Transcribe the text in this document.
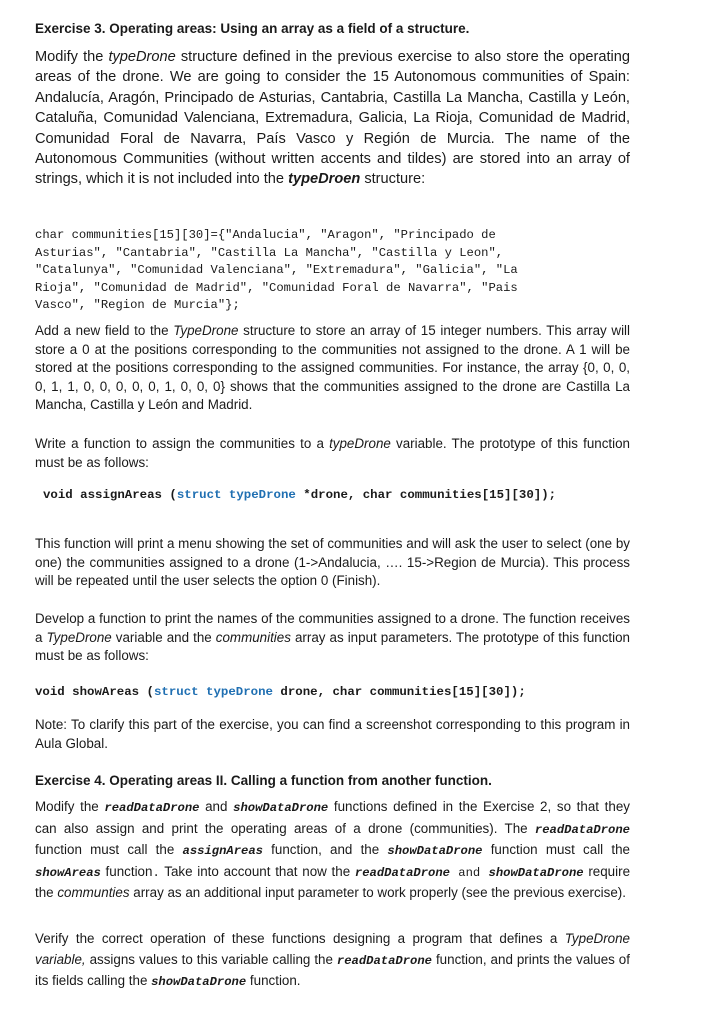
Exercise 3. Operating areas: Using an array as a field of a structure.

Modify the typeDrone structure defined in the previous exercise to also store the operating areas of the drone. We are going to consider the 15 Autonomous communities of Spain: Andalucía, Aragón, Principado de Asturias, Cantabria, Castilla La Mancha, Castilla y León, Cataluña, Comunidad Valenciana, Extremadura, Galicia, La Rioja, Comunidad de Madrid, Comunidad Foral de Navarra, País Vasco y Región de Murcia. The name of the Autonomous Communities (without written accents and tildes) are stored into an array of strings, which it is not included into the typeDroen structure:

char communities[15][30]={"Andalucia", "Aragon", "Principado de
Asturias", "Cantabria", "Castilla La Mancha", "Castilla y Leon",
"Catalunya", "Comunidad Valenciana", "Extremadura", "Galicia", "La
Rioja", "Comunidad de Madrid", "Comunidad Foral de Navarra", "Pais
Vasco", "Region de Murcia"};

Add a new field to the TypeDrone structure to store an array of 15 integer numbers. This array will store a 0 at the positions corresponding to the communities not assigned to the drone. A 1 will be stored at the positions corresponding to the assigned communities. For instance, the array {0, 0, 0, 0, 1, 1, 0, 0, 0, 0, 0, 1, 0, 0, 0} shows that the communities assigned to the drone are Castilla La Mancha, Castilla y León and Madrid.

Write a function to assign the communities to a typeDrone variable. The prototype of this function must be as follows:

void assignAreas (struct typeDrone *drone, char communities[15][30]);

This function will print a menu showing the set of communities and will ask the user to select (one by one) the communities assigned to a drone (1->Andalucia, …. 15->Region de Murcia). This process will be repeated until the user selects the option 0 (Finish).

Develop a function to print the names of the communities assigned to a drone. The function receives a TypeDrone variable and the communities array as input parameters. The prototype of this function must be as follows:

void showAreas (struct typeDrone drone, char communities[15][30]);

Note: To clarify this part of the exercise, you can find a screenshot corresponding to this program in Aula Global.

Exercise 4. Operating areas II. Calling a function from another function.

Modify the readDataDrone and showDataDrone functions defined in the Exercise 2, so that they can also assign and print the operating areas of a drone (communities). The readDataDrone function must call the assignAreas function, and the showDataDrone function must call the showAreas function. Take into account that now the readDataDrone and showDataDrone require the communties array as an additional input parameter to work properly (see the previous exercise).

Verify the correct operation of these functions designing a program that defines a TypeDrone variable, assigns values to this variable calling the readDataDrone function, and prints the values of its fields calling the showDataDrone function.
